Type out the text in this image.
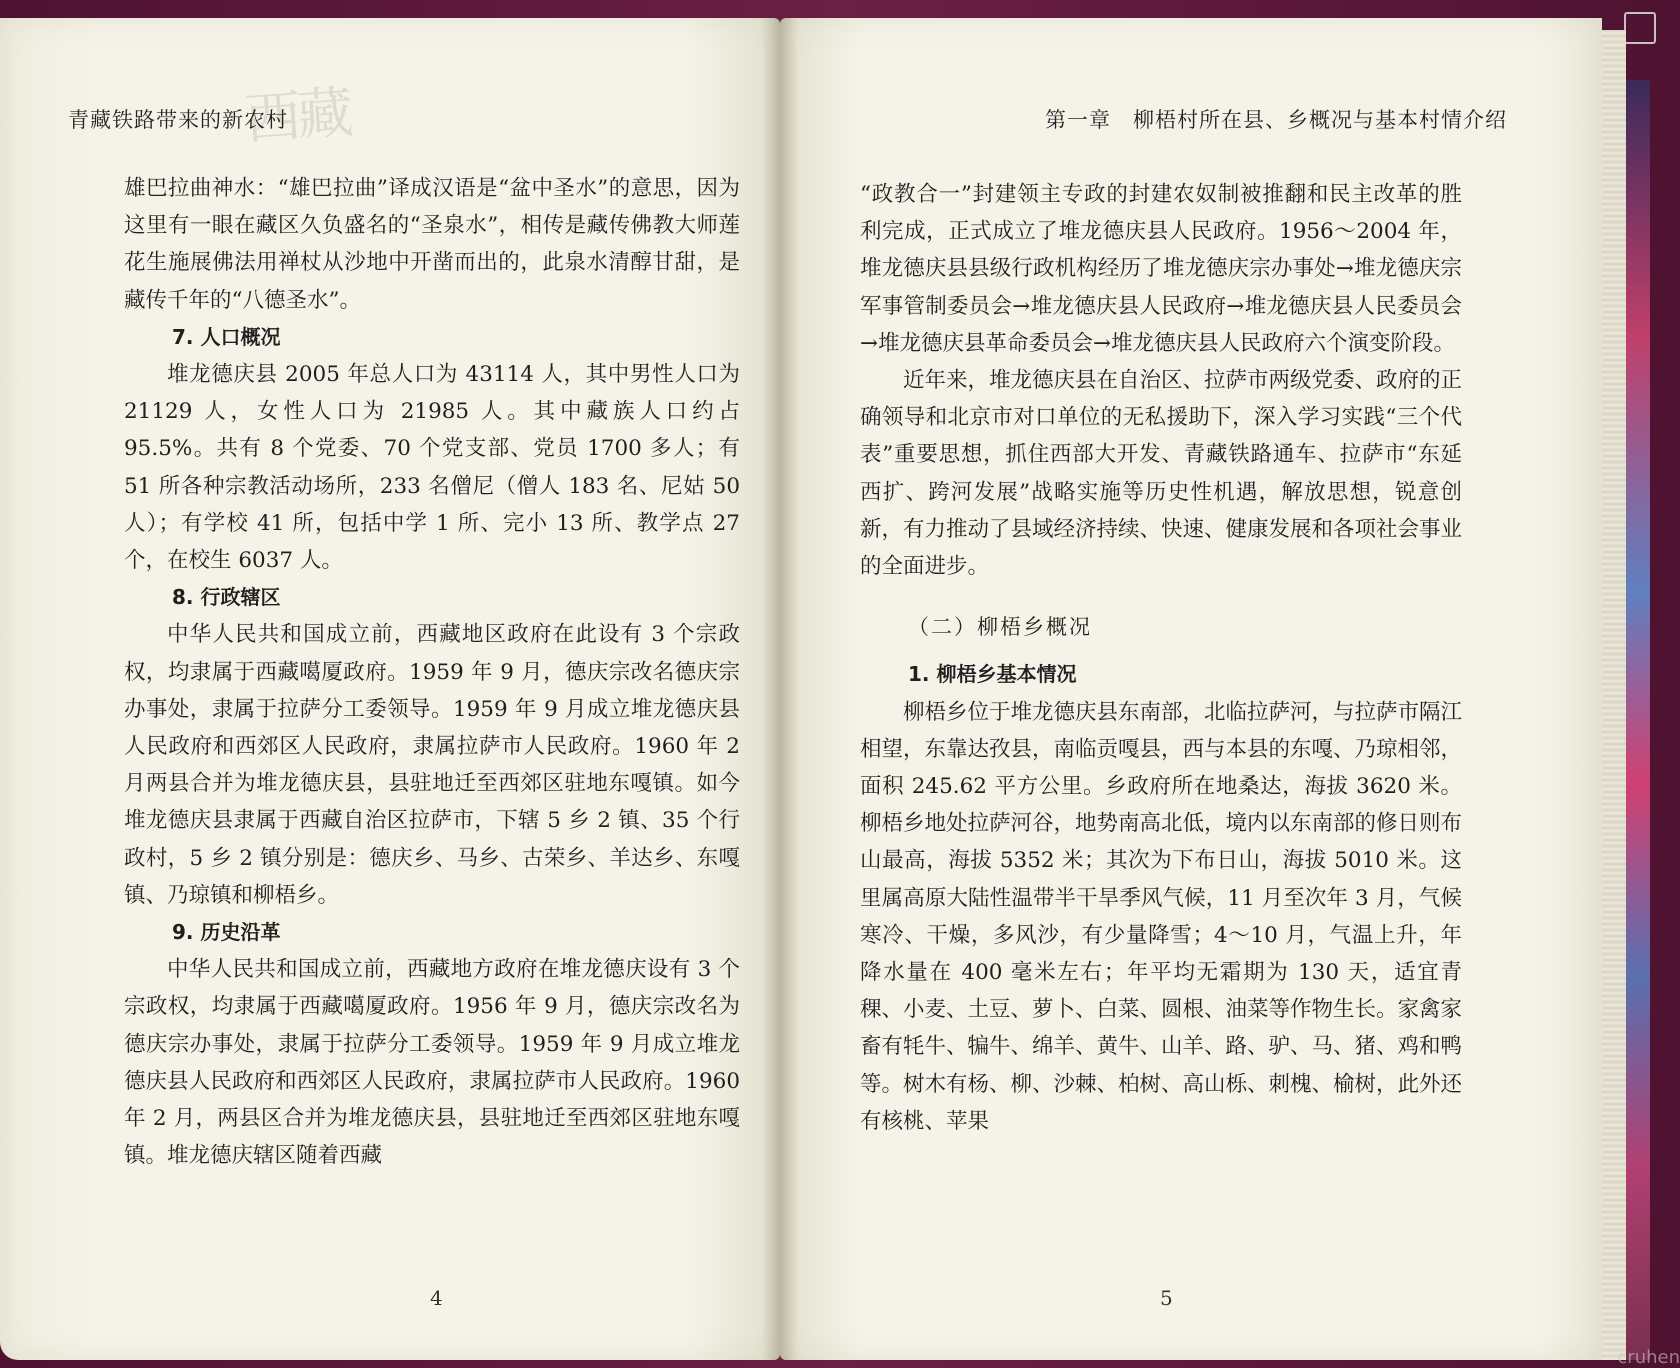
西藏
青藏铁路带来的新农村	第一章　柳梧村所在县、乡概况与基本村情介绍

雄巴拉曲神水：“雄巴拉曲”译成汉语是“盆中圣水”的意思，因为这里有一眼在藏区久负盛名的“圣泉水”，相传是藏传佛教大师莲花生施展佛法用禅杖从沙地中开凿而出的，此泉水清醇甘甜，是藏传千年的“八德圣水”。

7. 人口概况

堆龙德庆县 2005 年总人口为 43114 人，其中男性人口为 21129 人，女性人口为 21985 人。其中藏族人口约占 95.5%。共有 8 个党委、70 个党支部、党员 1700 多人；有 51 所各种宗教活动场所，233 名僧尼（僧人 183 名、尼姑 50 人）；有学校 41 所，包括中学 1 所、完小 13 所、教学点 27 个，在校生 6037 人。

8. 行政辖区

中华人民共和国成立前，西藏地区政府在此设有 3 个宗政权，均隶属于西藏噶厦政府。1959 年 9 月，德庆宗改名德庆宗办事处，隶属于拉萨分工委领导。1959 年 9 月成立堆龙德庆县人民政府和西郊区人民政府，隶属拉萨市人民政府。1960 年 2 月两县合并为堆龙德庆县，县驻地迁至西郊区驻地东嘎镇。如今堆龙德庆县隶属于西藏自治区拉萨市，下辖 5 乡 2 镇、35 个行政村，5 乡 2 镇分别是：德庆乡、马乡、古荣乡、羊达乡、东嘎镇、乃琼镇和柳梧乡。

9. 历史沿革

中华人民共和国成立前，西藏地方政府在堆龙德庆设有 3 个宗政权，均隶属于西藏噶厦政府。1956 年 9 月，德庆宗改名为德庆宗办事处，隶属于拉萨分工委领导。1959 年 9 月成立堆龙德庆县人民政府和西郊区人民政府，隶属拉萨市人民政府。1960 年 2 月，两县区合并为堆龙德庆县，县驻地迁至西郊区驻地东嘎镇。堆龙德庆辖区随着西藏

“政教合一”封建领主专政的封建农奴制被推翻和民主改革的胜利完成，正式成立了堆龙德庆县人民政府。1956～2004 年，堆龙德庆县县级行政机构经历了堆龙德庆宗办事处→堆龙德庆宗军事管制委员会→堆龙德庆县人民政府→堆龙德庆县人民委员会→堆龙德庆县革命委员会→堆龙德庆县人民政府六个演变阶段。

近年来，堆龙德庆县在自治区、拉萨市两级党委、政府的正确领导和北京市对口单位的无私援助下，深入学习实践“三个代表”重要思想，抓住西部大开发、青藏铁路通车、拉萨市“东延西扩、跨河发展”战略实施等历史性机遇，解放思想，锐意创新，有力推动了县域经济持续、快速、健康发展和各项社会事业的全面进步。

（二）柳梧乡概况

1. 柳梧乡基本情况

柳梧乡位于堆龙德庆县东南部，北临拉萨河，与拉萨市隔江相望，东靠达孜县，南临贡嘎县，西与本县的东嘎、乃琼相邻，面积 245.62 平方公里。乡政府所在地桑达，海拔 3620 米。柳梧乡地处拉萨河谷，地势南高北低，境内以东南部的修日则布山最高，海拔 5352 米；其次为下布日山，海拔 5010 米。这里属高原大陆性温带半干旱季风气候，11 月至次年 3 月，气候寒冷、干燥，多风沙，有少量降雪；4～10 月，气温上升，年降水量在 400 毫米左右；年平均无霜期为 130 天，适宜青稞、小麦、土豆、萝卜、白菜、圆根、油菜等作物生长。家禽家畜有牦牛、犏牛、绵羊、黄牛、山羊、路、驴、马、猪、鸡和鸭等。树木有杨、柳、沙棘、柏树、高山栎、刺槐、榆树，此外还有核桃、苹果

4	5
cruhen
